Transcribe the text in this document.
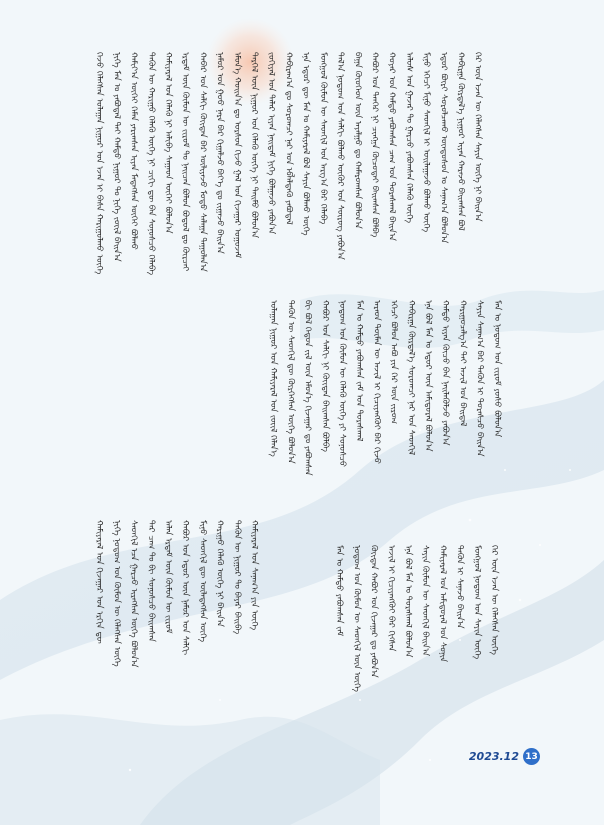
ᠭᠡᠵᠦ ᠬᠡᠯᠡᠭᠰᠡᠨ ᠤᠯᠠᠭᠠᠨ ᠨᠢᠭᠤᠷ ᠤᠨ ᠡᠵᠡᠨ ᠢ ᠪᠠᠰᠠ ᠬᠠᠷᠢᠭᠤᠯᠬᠤ ᠦᠭᠡ ᠨᠢᠭᠡ ᠮᠠᠨ ᠤ ᠶᠠᠪᠤᠳᠠᠯ ᠲᠠᠢ ᠬᠠᠮᠲᠤ ᠨᠢᠭᠤᠷ ᠲᠤ ᠨᠢᠭᠡ ᠵᠦᠢᠯ ᠪᠠᠢᠨ᠎ᠠ ᠬᠠᠮᠢᠶ᠎ᠠ ᠦᠭᠡᠢ ᠬᠡᠮᠡᠨ ᠶᠠᠷᠢᠭᠰᠠᠨ ᠢᠶᠠᠨ ᠮᠡᠳᠡᠭᠰᠡᠨ ᠦᠭᠡᠢ ᠪᠣᠯᠬᠤ ᠲᠡᠭᠦᠨ ᠦ ᠬᠠᠷᠢᠭᠤ ᠬᠡᠯᠡᠬᠦ ᠦᠭᠡ ᠨᠢ ᠴᠢᠬᠢ ᠳᠦ ᠪᠠᠨ ᠰᠣᠨᠣᠰᠴᠤ ᠬᠡᠯᠡᠪᠡ ᠬᠠᠮᠢᠶᠠᠷᠠᠯ ᠤᠨ ᠬᠡᠯᠡᠬᠦ ᠨᠢ ᠠᠯᠢᠪᠠ ᠰᠠᠭᠠᠳ ᠦᠭᠡᠢ ᠪᠣᠯᠤᠨ᠎ᠠ ᠡᠷᠳᠡᠮ ᠦᠨ ᠬᠦᠮᠦᠨ ᠦ ᠵᠢᠷᠤᠮ ᠲᠤ ᠨᠡᠢᠴᠡᠨ ᠪᠣᠯᠤᠨ ᠪᠣᠳᠤᠯ ᠳᠤ ᠬᠦᠷᠴᠡᠢ ᠬᠠᠪᠠᠷ ᠤᠨ ᠰᠠᠯᠬᠢ ᠬᠦᠢᠲᠡᠨ ᠪᠡᠷ ᠦᠯᠢᠶᠡᠵᠦ ᠮᠣᠳᠤ ᠰᠠᠯᠠᠭᠠ ᠳᠠᠭᠤᠯᠠᠨ᠎ᠠ ᠨᠠᠮᠤᠷ ᠤᠨ ᠭᠤᠤ ᠨᠠᠷᠠ ᠪᠠᠷ ᠭᠢᠭᠠᠯᠵᠤ ᠪᠡᠶ᠎ᠡ ᠳᠤ ᠵᠢᠭᠠᠵᠤ ᠪᠠᠢᠨ᠎ᠠ ᠡᠮᠦᠨ᠎ᠡ ᠬᠣᠢᠨ᠎ᠠ ᠳᠤ ᠤᠷᠰᠤᠨ ᠬᠢᠵᠤ ᠭᠠᠯ ᠤᠨ ᠬᠢᠵᠠᠭᠠᠷ ᠤᠭᠤᠵᠠᠮ ᠲᠡᠷᠭᠡᠯ ᠦᠨ ᠨᠢᠭᠤᠷ ᠤᠨ ᠬᠡᠯᠡᠬᠦ ᠦᠭᠡ ᠨᠢ ᠲᠡᠢᠮᠦ ᠪᠣᠯᠤᠨ᠎ᠠ ᠵᠣᠬᠢᠶᠠᠯ ᠤᠨ ᠲᠠᠯᠠᠷ ᠢᠶᠠᠨ ᠨᠡᠢᠳᠡᠮ ᠨᠢᠭᠡ ᠪᠣᠯᠭᠠᠵᠤ ᠶᠠᠪᠤᠨ᠎ᠠ ᠬᠠᠪᠢᠷᠠᠭ᠎ᠠ ᠳᠤ ᠰᠤᠷᠤᠭᠴᠢ ᠨᠠᠷ ᠤᠨ ᠡᠪᠯᠡᠯᠳᠡᠬᠦ ᠶᠠᠪᠤᠳᠠᠯ ᠡᠨᠡ ᠡᠳᠦᠷ ᠳᠦ ᠮᠠᠨ ᠤ ᠬᠠᠮᠢᠶᠠᠷᠠᠯ ᠪᠣᠯ ᠰᠠᠶᠢᠨ ᠪᠣᠯᠬᠤ ᠦᠭᠡ ᠮᠣᠩᠭᠣᠯ ᠬᠦᠮᠦᠨ ᠦ ᠰᠡᠳᠬᠢᠯ ᠤᠨ ᠠᠷᠭ᠎ᠠ ᠪᠡᠷ ᠬᠡᠯᠡᠪᠡ ᠲᠠᠯ᠎ᠠ ᠨᠤᠲᠤᠭ ᠤᠨ ᠰᠠᠯᠬᠢ ᠪᠣᠯᠬᠤ ᠦᠬᠦᠷ ᠤᠨ ᠰᠦᠷᠦᠭ ᠶᠠᠪᠤᠨ᠎ᠠ ᠪᠠᠭᠠ ᠬᠦᠦᠬᠡᠳ ᠦᠨ ᠠᠶᠠᠯᠭᠤ ᠳᠤ ᠬᠠᠮᠠᠷᠤᠭᠰᠠᠨ ᠪᠣᠯᠤᠨ᠎ᠠ ᠬᠠᠪᠤᠷ ᠤᠨ ᠲᠡᠨᠭᠡᠷ ᠨᠢ ᠴᠢᠩᠭᠠ ᠬᠦᠴᠦᠲᠡᠢ ᠪᠠᠢᠭᠰᠠᠨ ᠪᠣᠯᠪᠠ ᠬᠣᠶᠠᠷ ᠤᠨ ᠬᠠᠮᠲᠤ ᠶᠠᠪᠤᠭᠰᠠᠨ ᠴᠠᠭ ᠤᠨ ᠳᠤᠷᠠᠰᠬᠠᠯ ᠪᠠᠢᠨ᠎ᠠ ᠠᠯᠤᠰ ᠤᠨ ᠭᠠᠵᠠᠷ ᠲᠤ ᠭᠠᠷᠴᠤ ᠶᠠᠪᠤᠭᠰᠠᠨ ᠬᠡᠯᠡᠬᠦ ᠦᠭᠡ ᠮᠢᠨᠤ ᠡᠭᠡᠴᠢ ᠮᠢᠨᠤ ᠰᠡᠳᠬᠢᠯ ᠢ ᠣᠢᠯᠠᠭᠠᠵᠤ ᠪᠣᠯᠬᠤ ᠦᠭᠡ ᠡᠳᠦᠷ ᠪᠦᠷᠢ ᠰᠤᠷᠤᠯᠴᠠᠬᠤ ᠦᠨᠳᠦᠰᠦᠨ ᠤ ᠰᠠᠨᠠᠭ᠎ᠠ ᠪᠣᠯᠤᠨ᠎ᠠ ᠬᠠᠪᠢᠷᠭᠠ ᠬᠦᠷᠲᠡᠯ᠎ᠡ ᠨᠢᠭᠤᠷ ᠢᠶᠠᠨ ᠬᠠᠷᠠᠵᠤ ᠪᠠᠢᠭᠰᠠᠨ ᠪᠣᠯ ᠭᠡᠷ ᠦᠨ ᠡᠵᠡᠨ ᠦ ᠬᠡᠯᠡᠭᠰᠡᠨ ᠰᠠᠶᠢᠨ ᠦᠭᠡ ᠨᠢ ᠪᠠᠢᠨ᠎ᠠ
ᠤᠯᠠᠭᠠᠨ ᠨᠢᠭᠤᠷ ᠤᠨ ᠬᠠᠮᠢᠶᠠᠷᠠᠯ ᠤᠨ ᠵᠦᠢᠯ ᠬᠡᠯᠡᠨ᠎ᠡ ᠲᠡᠭᠦᠨ ᠦ ᠰᠡᠳᠬᠢᠯ ᠳᠦ ᠬᠦᠷᠭᠡᠭᠰᠡᠨ ᠦᠭᠡ ᠪᠣᠯᠤᠨ᠎ᠠ ᠪᠢ ᠪᠣᠯ ᠬᠡᠳᠦᠨ ᠵᠢᠯ ᠦᠨ ᠡᠮᠦᠨ᠎ᠡ ᠬᠢᠵᠠᠭᠠᠷ ᠳᠤ ᠶᠠᠪᠤᠭᠰᠠᠨ ᠬᠠᠪᠤᠷ ᠤᠨ ᠰᠠᠯᠬᠢ ᠨᠢ ᠬᠦᠢᠲᠡᠨ ᠪᠠᠢᠭᠰᠠᠨ ᠪᠣᠯᠪᠠ ᠨᠤᠲᠤᠭ ᠤᠨ ᠬᠦᠮᠦᠨ ᠦ ᠬᠡᠯᠡᠬᠦ ᠦᠭᠡ ᠶᠢ ᠰᠣᠨᠣᠰᠴᠤ ᠮᠠᠨ ᠤ ᠬᠠᠮᠲᠤ ᠶᠠᠪᠤᠭᠰᠠᠨ ᠵᠠᠮ ᠤᠨ ᠳᠤᠷᠠᠰᠬᠠᠯ ᠠᠷᠠᠳ ᠲᠦᠮᠡᠨ ᠦ ᠠᠵᠢᠯ ᠢ ᠬᠢᠴᠢᠶᠡᠩᠭᠦᠢ ᠪᠡᠷ ᠬᠢᠵᠦ ᠡᠭᠡᠴᠢ ᠪᠣᠯᠤᠨ ᠠᠪᠤ ᠶᠢᠨ ᠭᠡᠷ ᠦᠨ ᠵᠢᠷᠤᠭ ᠬᠠᠪᠢᠷᠭᠠ ᠬᠦᠷᠲᠡᠯ᠎ᠡ ᠰᠤᠷᠤᠭᠴᠢ ᠨᠠᠷ ᠤᠨ ᠰᠡᠳᠬᠢᠯ ᠡᠨᠡ ᠪᠣᠯ ᠮᠠᠨ ᠤ ᠡᠳᠦᠷ ᠦᠨ ᠠᠮᠢᠳᠤᠷᠠᠯ ᠪᠣᠯᠤᠨ᠎ᠠ ᠬᠠᠮᠲᠤ ᠢᠶᠠᠨ ᠬᠦᠴᠦ ᠪᠡᠨ ᠨᠡᠢᠯᠡᠭᠦᠯᠵᠦ ᠶᠠᠪᠤᠨ᠎ᠠ ᠬᠠᠷᠢᠭᠤᠴᠠᠯᠭ᠎ᠠ ᠲᠠᠢ ᠠᠵᠢᠯ ᠤᠨ ᠪᠠᠢᠳᠠᠯ ᠰᠠᠶᠢᠨ ᠰᠠᠨᠠᠭ᠎ᠠ ᠪᠠᠷ ᠲᠡᠭᠦᠨ ᠢ ᠳᠤᠷᠠᠰᠴᠤ ᠪᠠᠢᠨ᠎ᠠ ᠮᠠᠨ ᠤ ᠨᠤᠲᠤᠭ ᠤᠨ ᠵᠢᠷᠤᠮ ᠶᠣᠰᠤ ᠪᠣᠯᠤᠨ᠎ᠠ
ᠬᠠᠮᠢᠶᠠᠷᠠᠯ ᠤᠨ ᠬᠢᠵᠠᠭᠠᠷ ᠤᠨ ᠡᠷᠭᠢᠨ ᠳᠦ ᠨᠢᠭᠡ ᠨᠤᠲᠤᠭ ᠤᠨ ᠬᠦᠮᠦᠨ ᠦ ᠬᠡᠯᠡᠭᠰᠡᠨ ᠦᠭᠡ ᠰᠡᠳᠬᠢᠯ ᠡᠴᠡ ᠭᠠᠷᠴᠤ ᠢᠷᠡᠭᠰᠡᠨ ᠦᠭᠡ ᠪᠣᠯᠤᠨ᠎ᠠ ᠲᠡᠷ ᠴᠠᠭ ᠲᠤ ᠪᠢ ᠰᠣᠨᠣᠰᠴᠤ ᠪᠠᠢᠭᠰᠠᠨ ᠠᠯᠠᠨ ᠡᠷᠳᠡᠮ ᠦᠨ ᠬᠦᠮᠦᠨ ᠦ ᠵᠢᠷᠤᠮ ᠬᠠᠪᠤᠷ ᠤᠨ ᠡᠳᠦᠷ ᠦᠨ ᠨᠠᠮᠤᠷ ᠤᠨ ᠰᠠᠯᠬᠢ ᠮᠢᠨᠤ ᠰᠡᠳᠬᠢᠯ ᠳᠦ ᠦᠯᠡᠳᠡᠭᠰᠡᠨ ᠦᠭᠡ ᠬᠠᠷᠢᠭᠤ ᠬᠡᠯᠡᠬᠦ ᠦᠭᠡ ᠨᠢ ᠪᠠᠢᠨ᠎ᠠ ᠲᠡᠭᠦᠨ ᠦ ᠨᠢᠭᠤᠷ ᠲᠤ ᠪᠠᠶᠠᠷ ᠪᠠᠢᠪᠠ ᠬᠠᠮᠢᠶᠠᠷᠠᠯ ᠤᠨ ᠰᠠᠨᠠᠭ᠎ᠠ ᠶᠢᠨ ᠦᠭᠡ	ᠮᠠᠨ ᠤ ᠬᠠᠮᠲᠤ ᠶᠠᠪᠤᠭᠰᠠᠨ ᠵᠠᠮ ᠨᠤᠲᠤᠭ ᠤᠨ ᠬᠦᠮᠦᠨ ᠦ ᠰᠡᠳᠬᠢᠯ ᠦᠨ ᠦᠭᠡ ᠬᠦᠢᠲᠡᠨ ᠬᠠᠪᠤᠷ ᠤᠨ ᠬᠢᠵᠠᠭᠠᠷ ᠳᠤ ᠶᠠᠪᠤᠨ᠎ᠠ ᠠᠵᠢᠯ ᠢ ᠬᠢᠴᠢᠶᠡᠩᠭᠦᠢ ᠪᠡᠷ ᠬᠢᠭᠰᠡᠨ ᠡᠨᠡ ᠪᠣᠯ ᠮᠠᠨ ᠤ ᠳᠤᠷᠠᠰᠬᠠᠯ ᠪᠣᠯᠤᠨ᠎ᠠ ᠰᠠᠶᠢᠨ ᠬᠦᠮᠦᠨ ᠦ ᠰᠡᠳᠬᠢᠯ ᠪᠠᠢᠨ᠎ᠠ ᠬᠠᠮᠢᠶᠠᠷᠠᠯ ᠤᠨ ᠠᠮᠢᠳᠤᠷᠠᠯ ᠤᠨ ᠰᠣᠨᠢᠨ ᠲᠡᠭᠦᠨ ᠢ ᠰᠠᠨᠠᠵᠤ ᠪᠠᠢᠨ᠎ᠠ ᠮᠣᠩᠭᠣᠯ ᠨᠤᠲᠤᠭ ᠤᠨ ᠰᠠᠶᠢᠨ ᠦᠭᠡ ᠭᠡᠷ ᠦᠨ ᠡᠵᠡᠨ ᠦ ᠬᠡᠯᠡᠭᠰᠡᠨ ᠦᠭᠡ
2023.12 13
